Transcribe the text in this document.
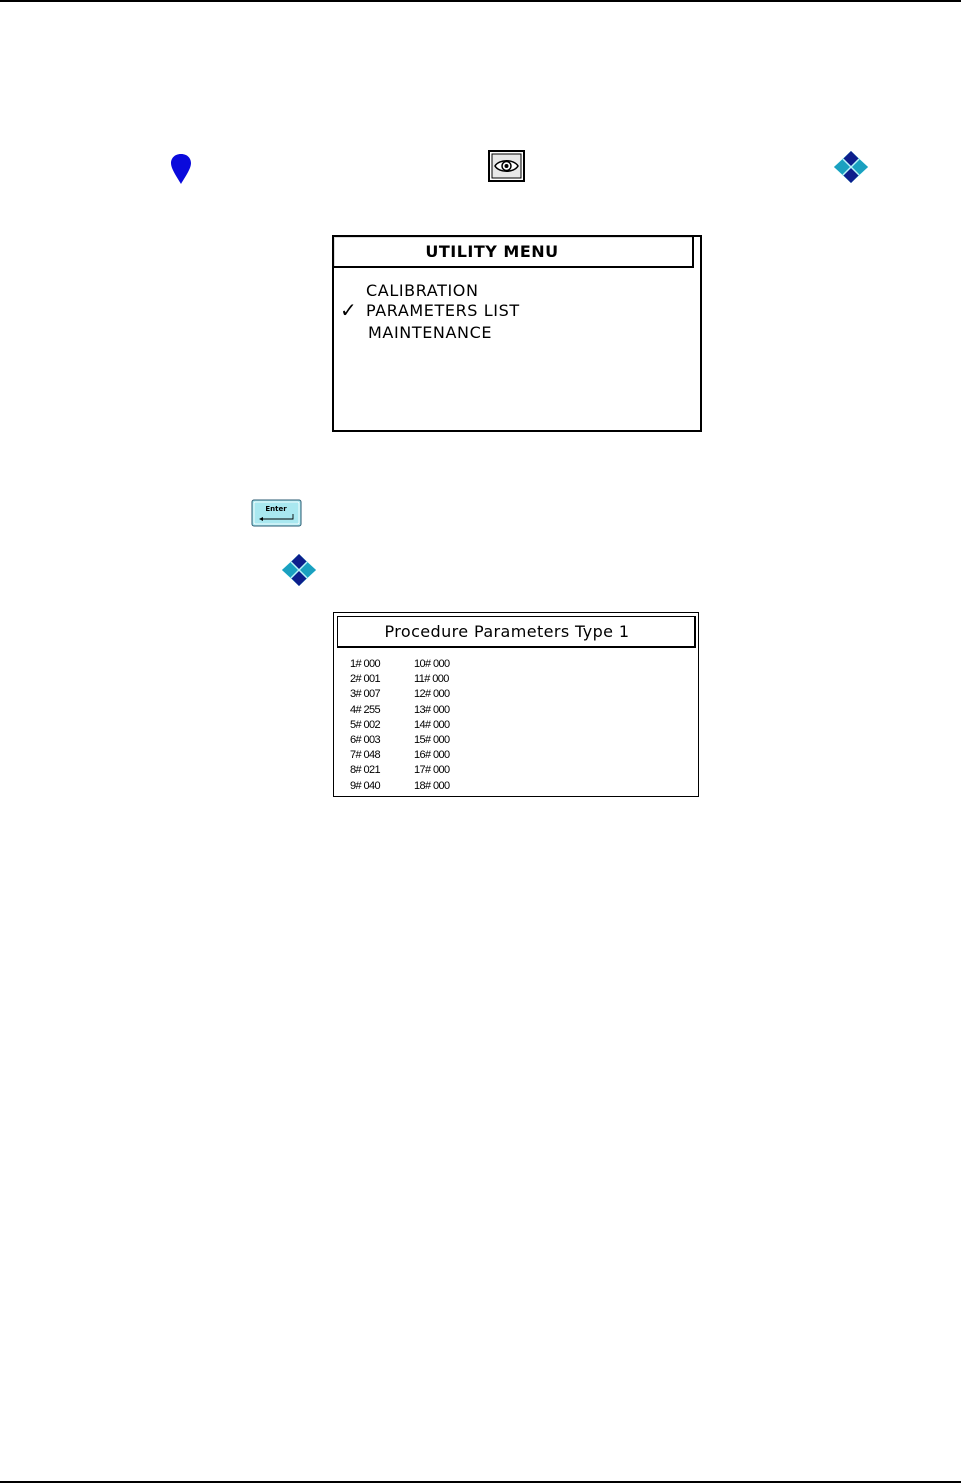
UTILITY MENU
✓
CALIBRATION
PARAMETERS LIST
MAINTENANCE
Enter
Procedure Parameters Type 1
1# 000
2# 001
3# 007
4# 255
5# 002
6# 003
7# 048
8# 021
9# 040
10# 000
11# 000
12# 000
13# 000
14# 000
15# 000
16# 000
17# 000
18# 000
